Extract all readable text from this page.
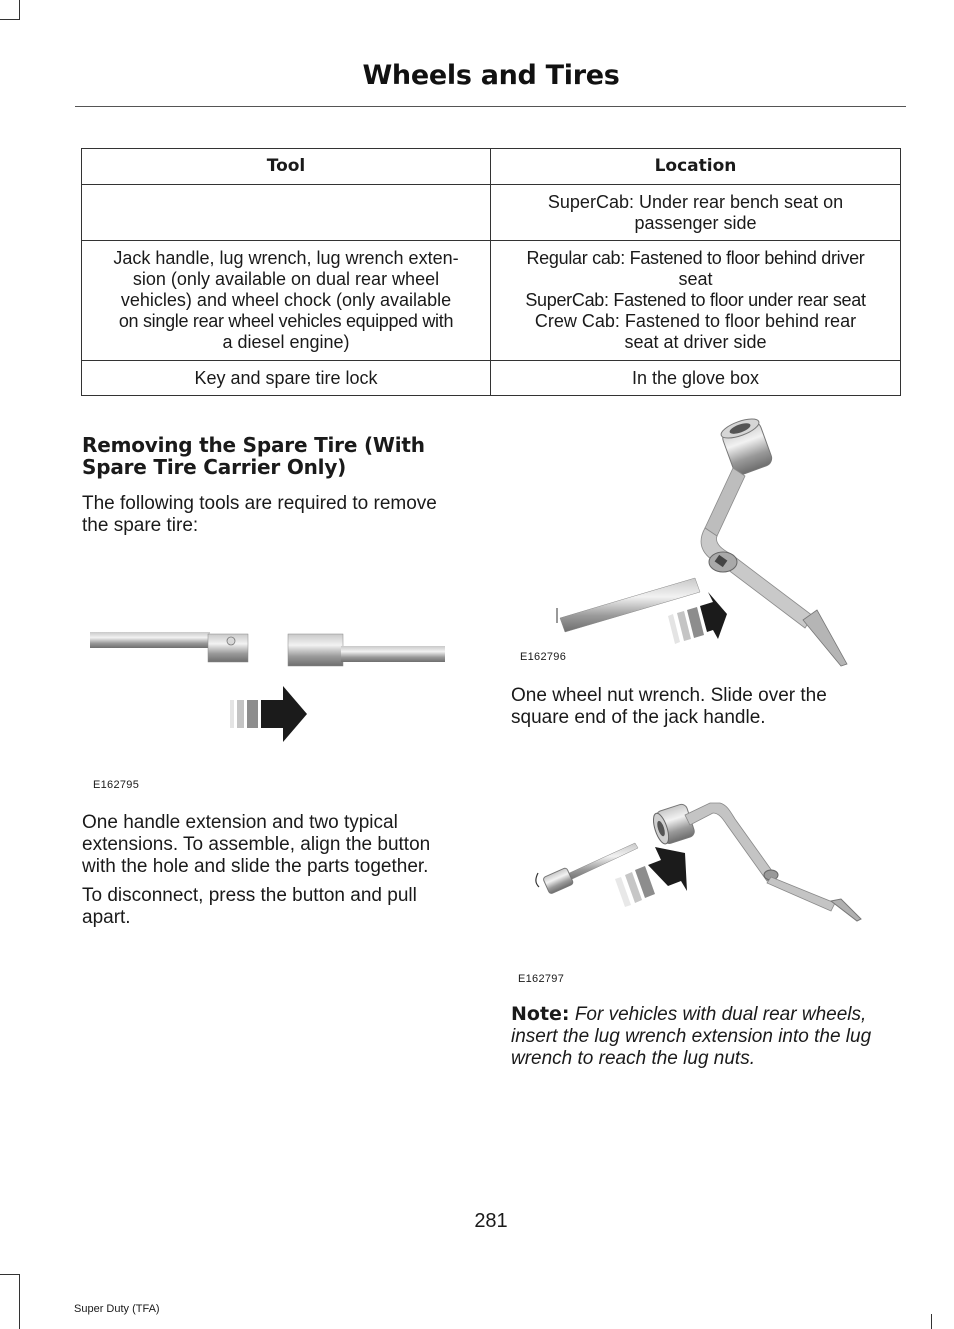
Wheels and Tires
Tool	Location

	SuperCab: Under rear bench seat on
passenger side

Jack handle, lug wrench, lug wrench exten-
sion (only available on dual rear wheel
vehicles) and wheel chock (only available
on single rear wheel vehicles equipped with
a diesel engine)	Regular cab: Fastened to floor behind driver
seat
SuperCab: Fastened to floor under rear seat
Crew Cab: Fastened to floor behind rear
seat at driver side

Key and spare tire lock	In the glove box
Removing the Spare Tire (With
Spare Tire Carrier Only)
The following tools are required to remove
the spare tire:
E162795
One handle extension and two typical
extensions. To assemble, align the button
with the hole and slide the parts together.
To disconnect, press the button and pull
apart.
E162796
One wheel nut wrench. Slide over the
square end of the jack handle.
E162797
Note: For vehicles with dual rear wheels, insert the lug wrench extension into the lug wrench to reach the lug nuts.
281
Super Duty (TFA)
